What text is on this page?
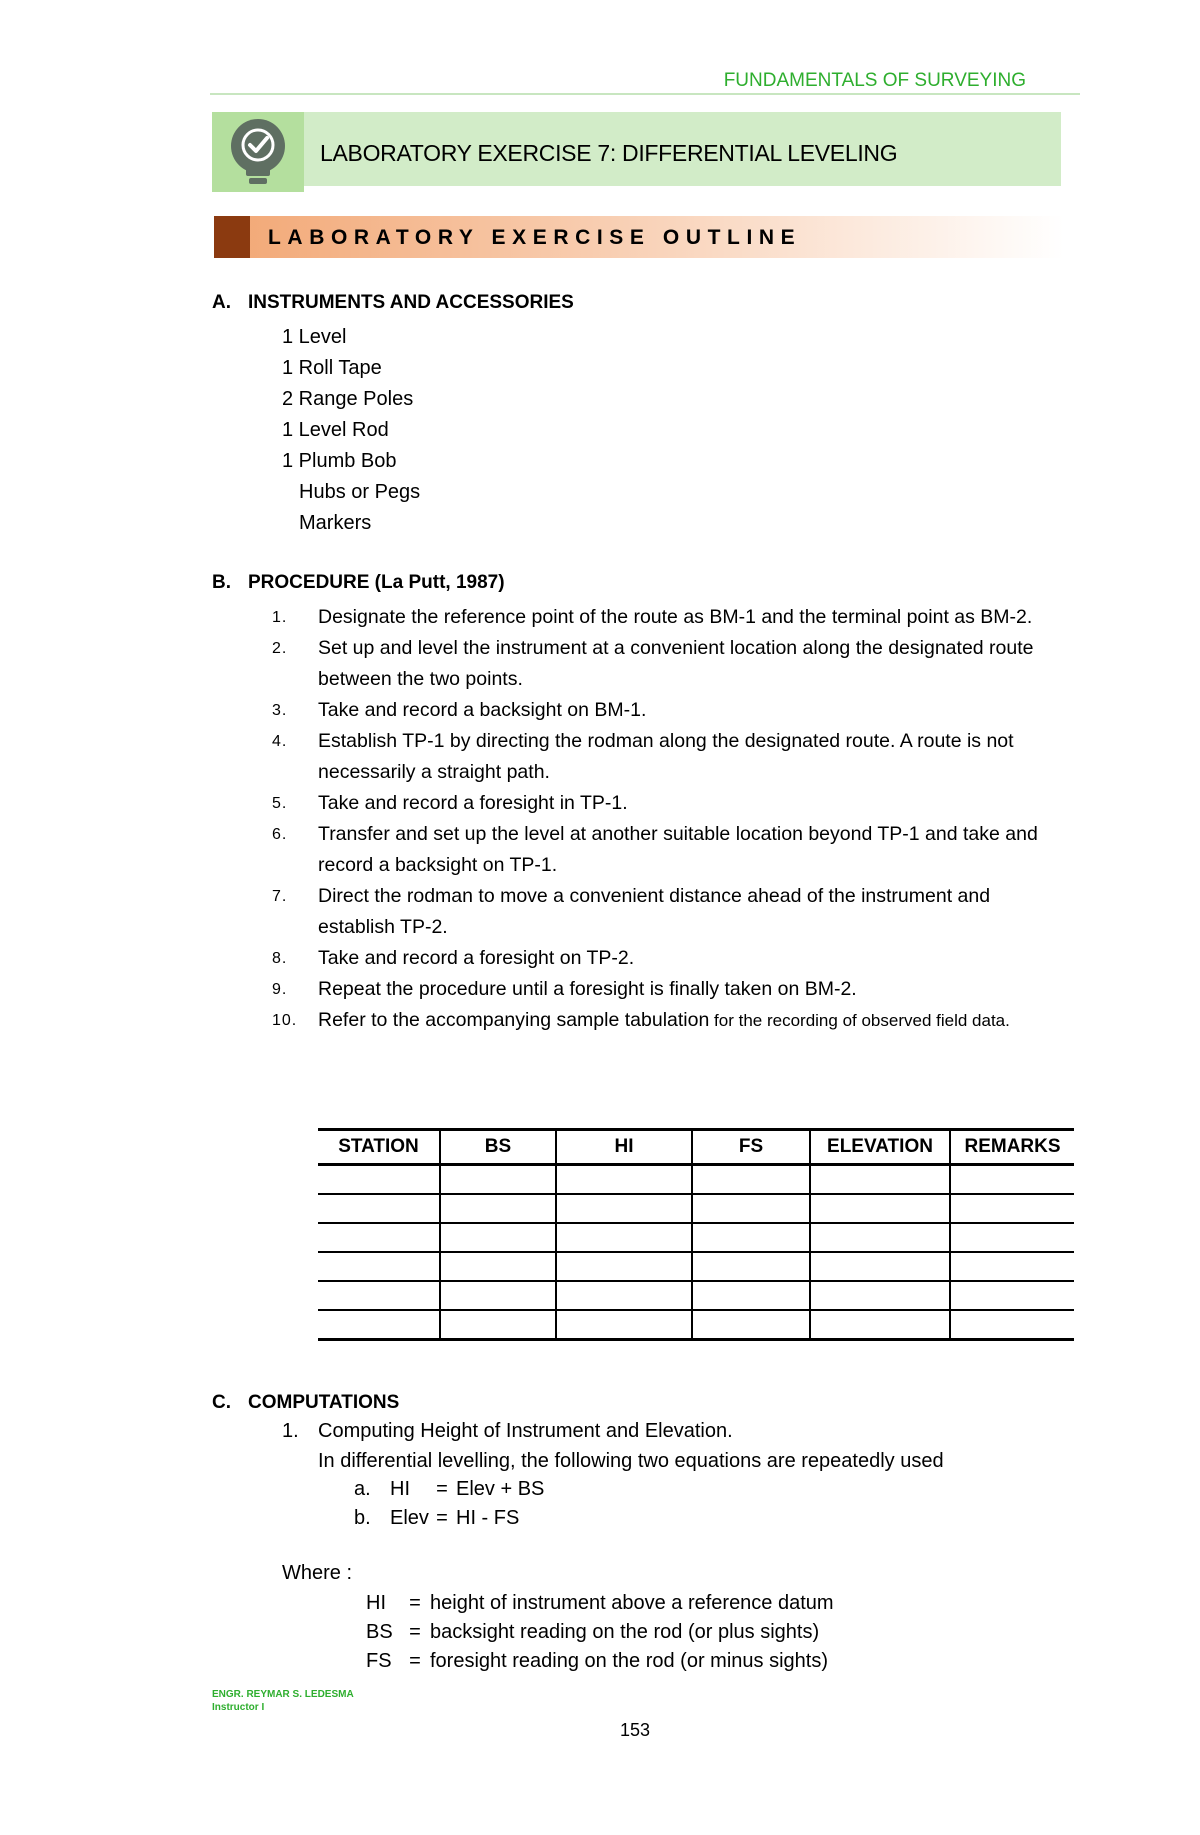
FUNDAMENTALS OF SURVEYING
LABORATORY EXERCISE 7: DIFFERENTIAL LEVELING
LABORATORY EXERCISE OUTLINE
A. INSTRUMENTS AND ACCESSORIES
1 Level
1 Roll Tape
2 Range Poles
1 Level Rod
1 Plumb Bob
Hubs or Pegs
Markers
B. PROCEDURE (La Putt, 1987)
1. Designate the reference point of the route as BM-1 and the terminal point as BM-2.
2. Set up and level the instrument at a convenient location along the designated route between the two points.
3. Take and record a backsight on BM-1.
4. Establish TP-1 by directing the rodman along the designated route. A route is not necessarily a straight path.
5. Take and record a foresight in TP-1.
6. Transfer and set up the level at another suitable location beyond TP-1 and take and record a backsight on TP-1.
7. Direct the rodman to move a convenient distance ahead of the instrument and establish TP-2.
8. Take and record a foresight on TP-2.
9. Repeat the procedure until a foresight is finally taken on BM-2.
10. Refer to the accompanying sample tabulation for the recording of observed field data.
STATION	BS	HI	FS	ELEVATION	REMARKS

C. COMPUTATIONS
1. Computing Height of Instrument and Elevation.
In differential levelling, the following two equations are repeatedly used
a. HI = Elev + BS
b. Elev = HI - FS
Where :
HI = height of instrument above a reference datum
BS = backsight reading on the rod (or plus sights)
FS = foresight reading on the rod (or minus sights)
ENGR. REYMAR S. LEDESMA
Instructor I
153
